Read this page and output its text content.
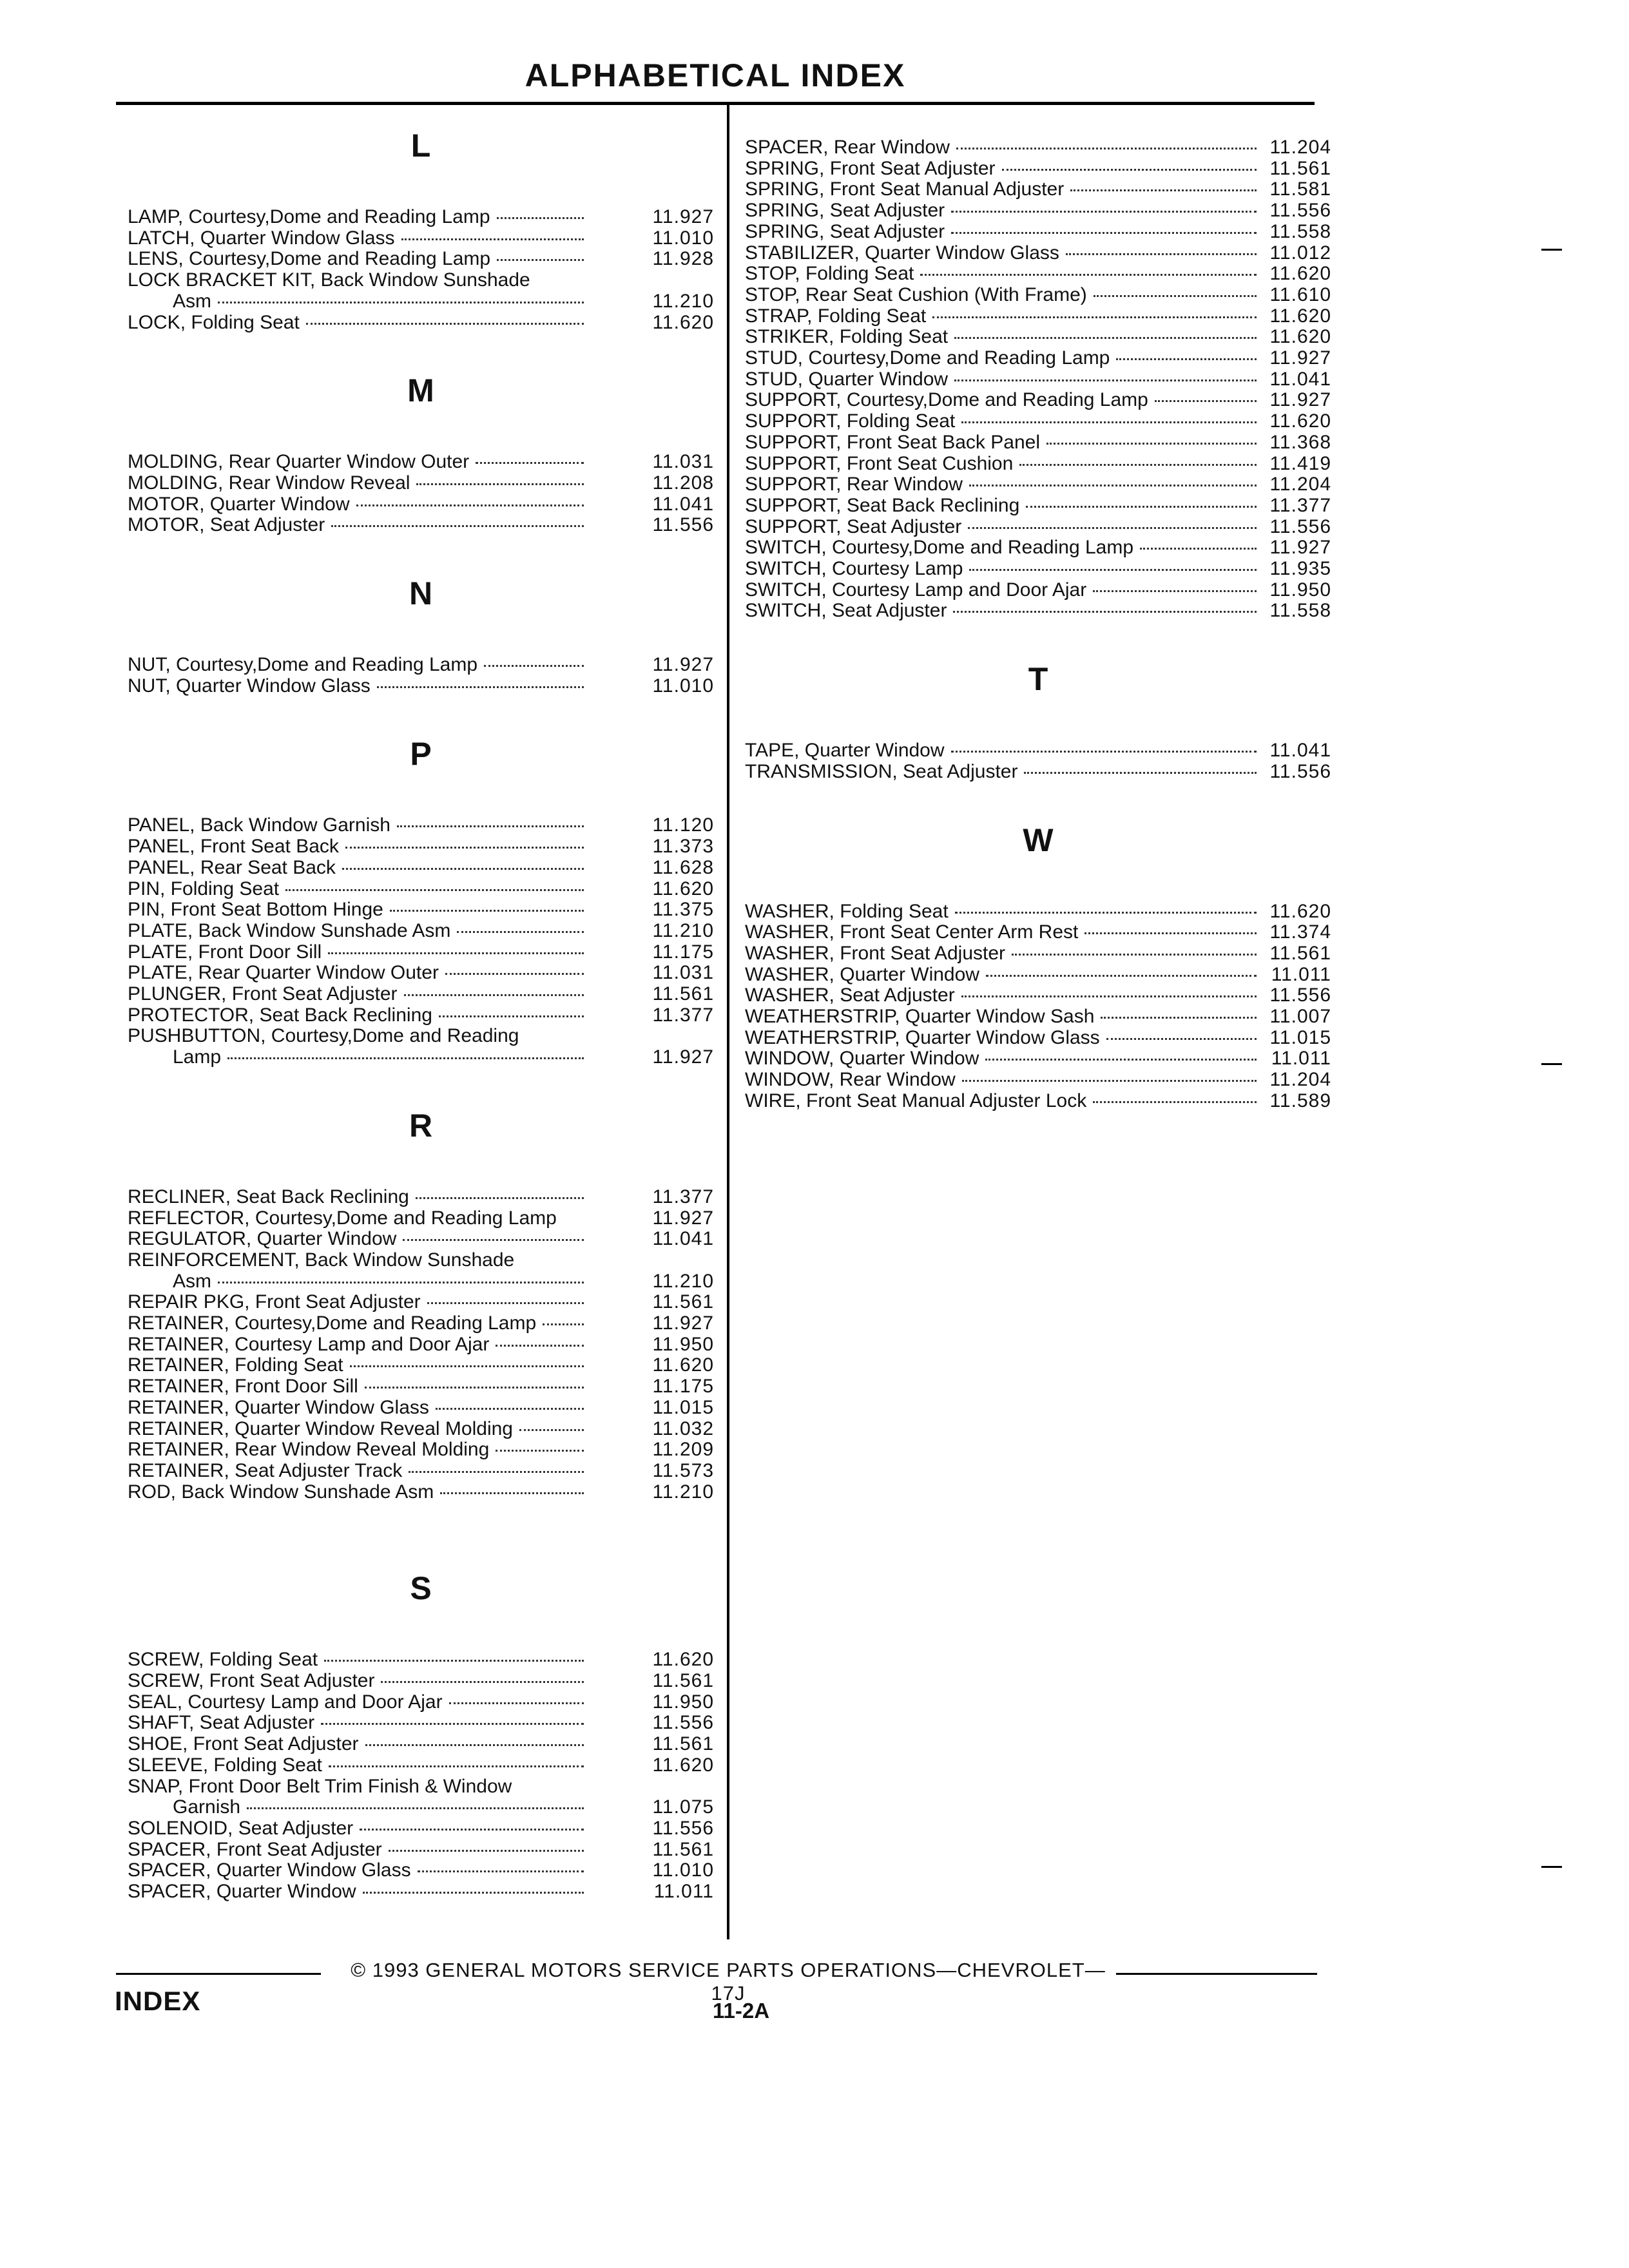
ALPHABETICAL INDEX
L
LAMP, Courtesy,Dome and Reading Lamp	11.927
LATCH, Quarter Window Glass	11.010
LENS, Courtesy,Dome and Reading Lamp	11.928
LOCK BRACKET KIT, Back Window Sunshade
Asm	11.210
LOCK, Folding Seat	11.620
M
MOLDING, Rear Quarter Window Outer	11.031
MOLDING, Rear Window Reveal	11.208
MOTOR, Quarter Window	11.041
MOTOR, Seat Adjuster	11.556
N
NUT, Courtesy,Dome and Reading Lamp	11.927
NUT, Quarter Window Glass	11.010
P
PANEL, Back Window Garnish	11.120
PANEL, Front Seat Back	11.373
PANEL, Rear Seat Back	11.628
PIN, Folding Seat	11.620
PIN, Front Seat Bottom Hinge	11.375
PLATE, Back Window Sunshade Asm	11.210
PLATE, Front Door Sill	11.175
PLATE, Rear Quarter Window Outer	11.031
PLUNGER, Front Seat Adjuster	11.561
PROTECTOR, Seat Back Reclining	11.377
PUSHBUTTON, Courtesy,Dome and Reading
Lamp	11.927
R
RECLINER, Seat Back Reclining	11.377
REFLECTOR, Courtesy,Dome and Reading Lamp	11.927
REGULATOR, Quarter Window	11.041
REINFORCEMENT, Back Window Sunshade
Asm	11.210
REPAIR PKG, Front Seat Adjuster	11.561
RETAINER, Courtesy,Dome and Reading Lamp	11.927
RETAINER, Courtesy Lamp and Door Ajar	11.950
RETAINER, Folding Seat	11.620
RETAINER, Front Door Sill	11.175
RETAINER, Quarter Window Glass	11.015
RETAINER, Quarter Window Reveal Molding	11.032
RETAINER, Rear Window Reveal Molding	11.209
RETAINER, Seat Adjuster Track	11.573
ROD, Back Window Sunshade Asm	11.210
S
SCREW, Folding Seat	11.620
SCREW, Front Seat Adjuster	11.561
SEAL, Courtesy Lamp and Door Ajar	11.950
SHAFT, Seat Adjuster	11.556
SHOE, Front Seat Adjuster	11.561
SLEEVE, Folding Seat	11.620
SNAP, Front Door Belt Trim Finish & Window
Garnish	11.075
SOLENOID, Seat Adjuster	11.556
SPACER, Front Seat Adjuster	11.561
SPACER, Quarter Window Glass	11.010
SPACER, Quarter Window	11.011
SPACER, Rear Window	11.204
SPRING, Front Seat Adjuster	11.561
SPRING, Front Seat Manual Adjuster	11.581
SPRING, Seat Adjuster	11.556
SPRING, Seat Adjuster	11.558
STABILIZER, Quarter Window Glass	11.012
STOP, Folding Seat	11.620
STOP, Rear Seat Cushion (With Frame)	11.610
STRAP, Folding Seat	11.620
STRIKER, Folding Seat	11.620
STUD, Courtesy,Dome and Reading Lamp	11.927
STUD, Quarter Window	11.041
SUPPORT, Courtesy,Dome and Reading Lamp	11.927
SUPPORT, Folding Seat	11.620
SUPPORT, Front Seat Back Panel	11.368
SUPPORT, Front Seat Cushion	11.419
SUPPORT, Rear Window	11.204
SUPPORT, Seat Back Reclining	11.377
SUPPORT, Seat Adjuster	11.556
SWITCH, Courtesy,Dome and Reading Lamp	11.927
SWITCH, Courtesy Lamp	11.935
SWITCH, Courtesy Lamp and Door Ajar	11.950
SWITCH, Seat Adjuster	11.558
T
TAPE, Quarter Window	11.041
TRANSMISSION, Seat Adjuster	11.556
W
WASHER, Folding Seat	11.620
WASHER, Front Seat Center Arm Rest	11.374
WASHER, Front Seat Adjuster	11.561
WASHER, Quarter Window	11.011
WASHER, Seat Adjuster	11.556
WEATHERSTRIP, Quarter Window Sash	11.007
WEATHERSTRIP, Quarter Window Glass	11.015
WINDOW, Quarter Window	11.011
WINDOW, Rear Window	11.204
WIRE, Front Seat Manual Adjuster Lock	11.589
© 1993 GENERAL MOTORS SERVICE PARTS OPERATIONS—CHEVROLET—17J
INDEX	11-2A
